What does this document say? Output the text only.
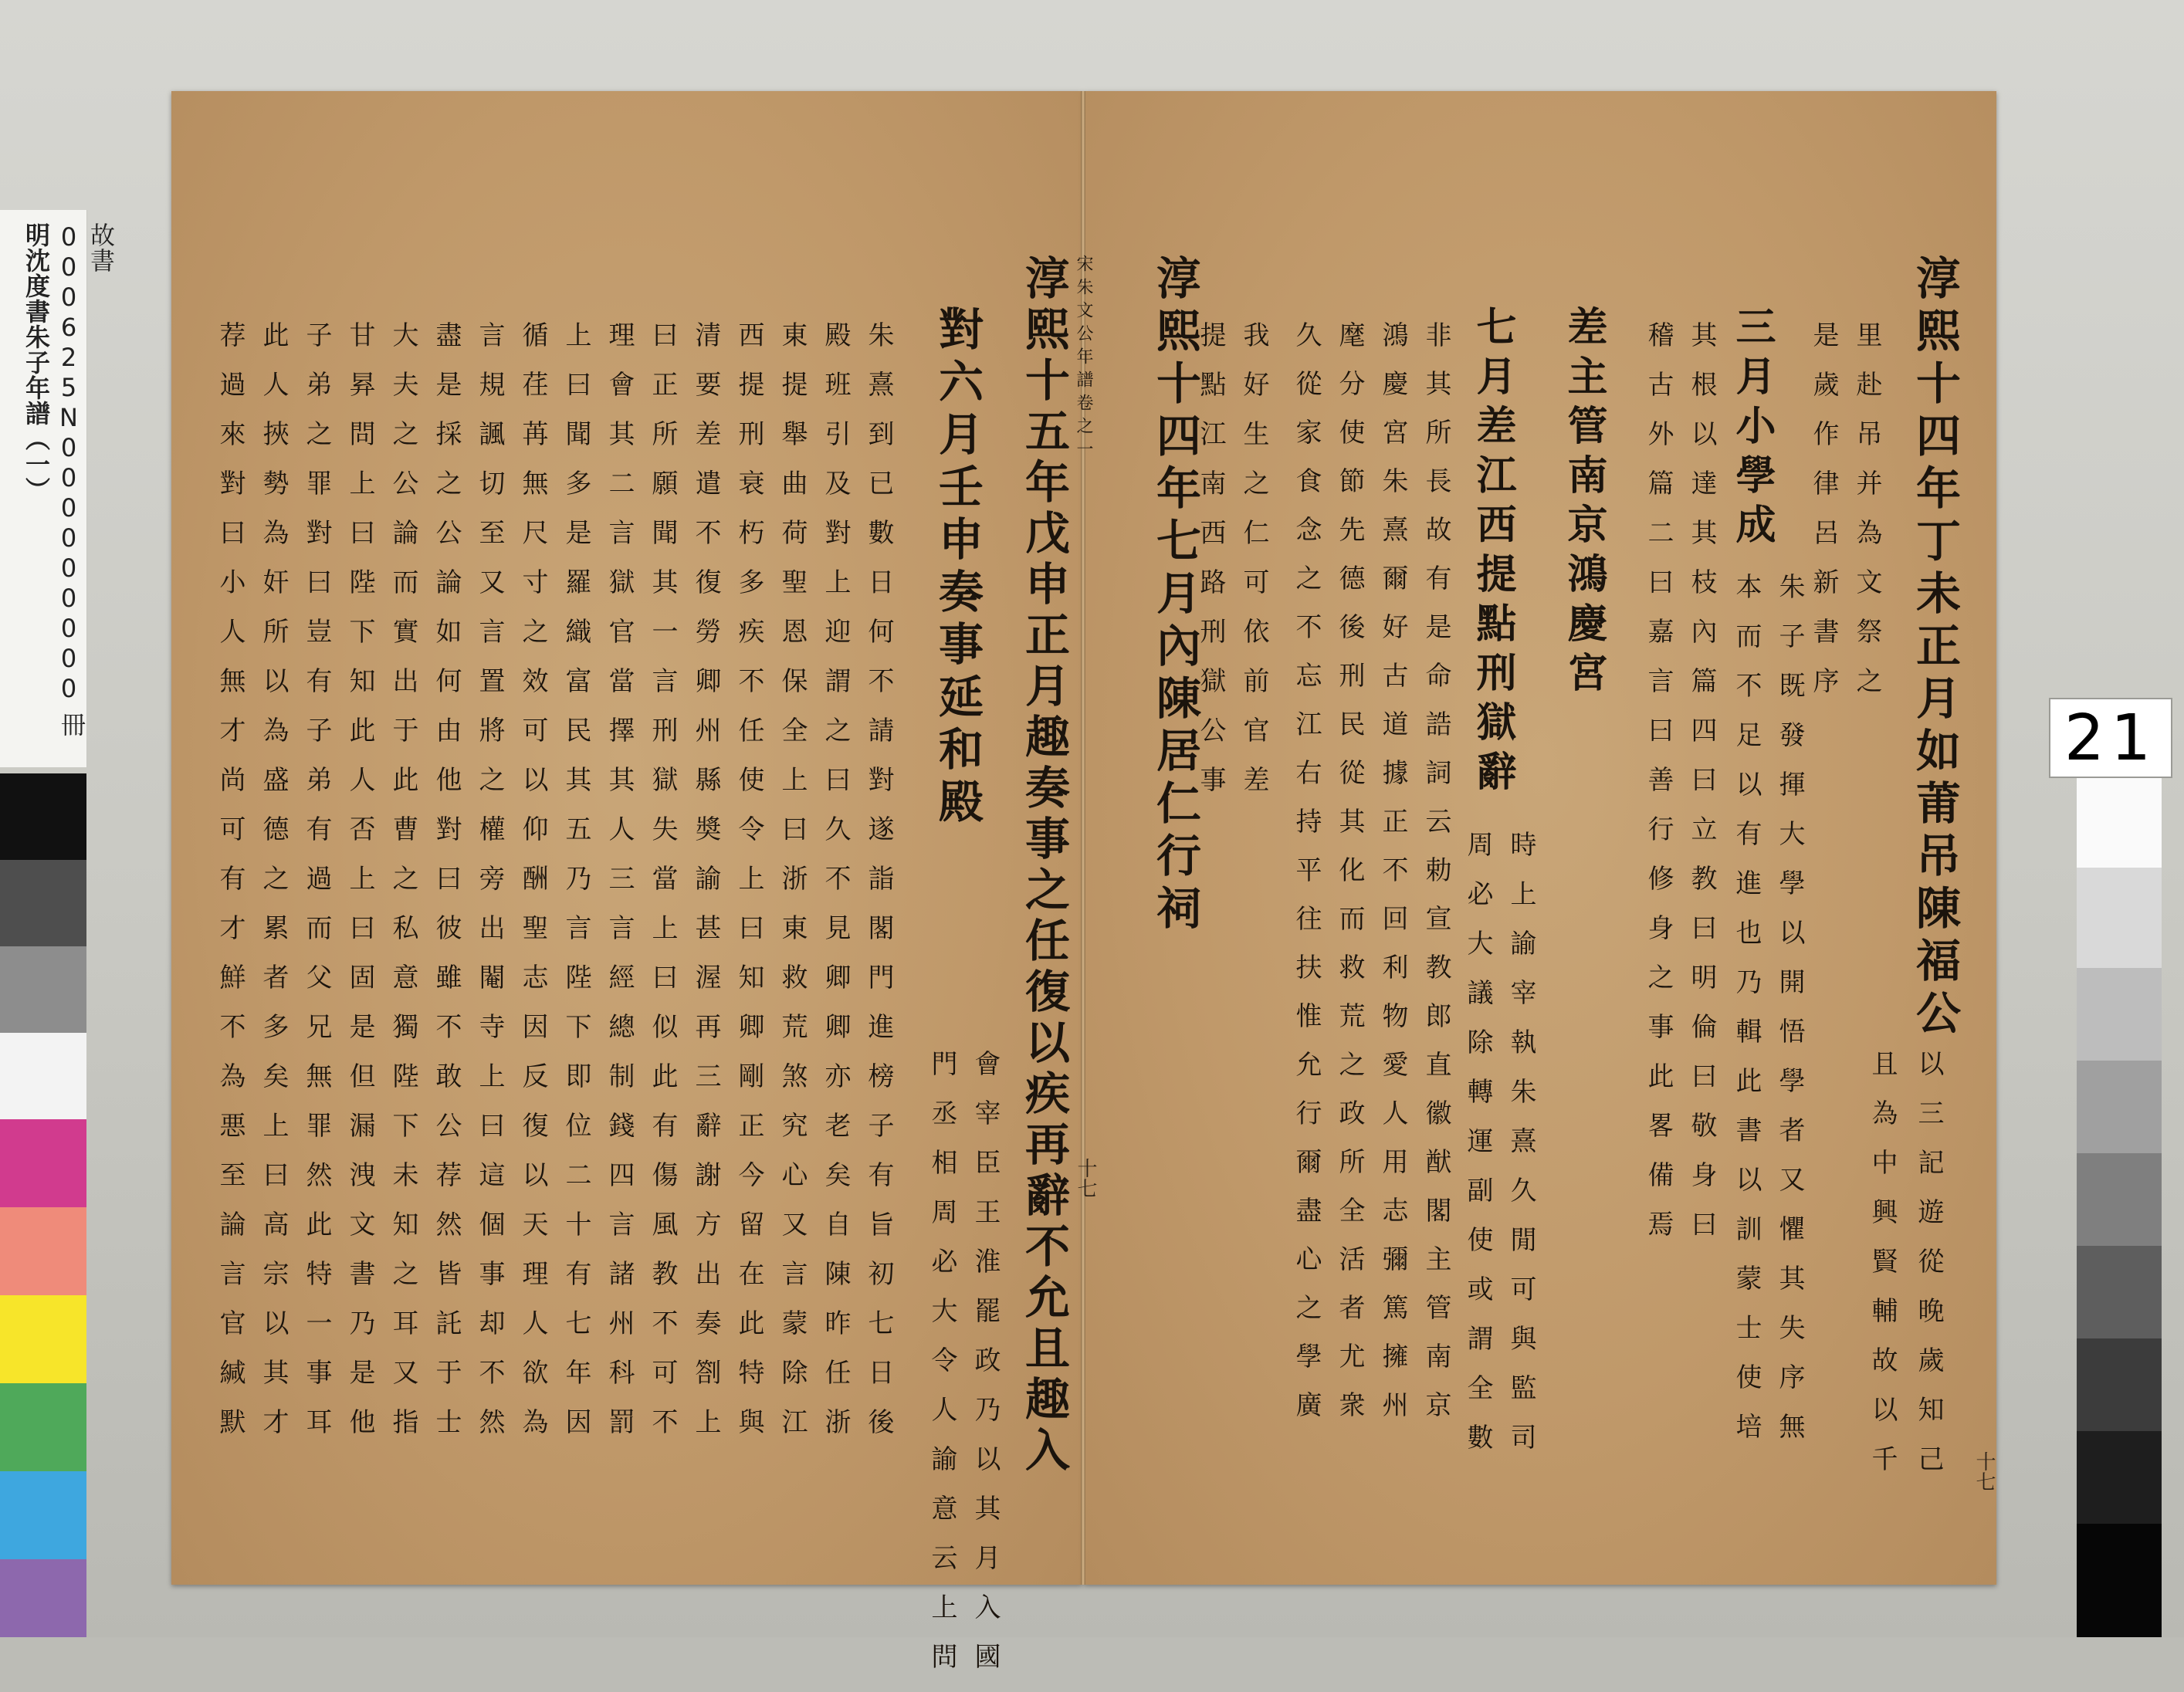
故書 000625N000000000
明沈度書朱子年譜（一）
冊	21
淳熙十四年丁未正月如莆吊陳福公
以三記遊從晚歲知己
且為中興賢輔故以千	十七
里赴吊并為文祭之
是歲作律呂新書序
三月小學成
朱子既發揮大學以開悟學者又懼其失序無
本而不足以有進也乃輯此書以訓蒙士使培
其根以達其枝內篇四曰立教曰明倫曰敬身曰
稽古外篇二曰嘉言曰善行修身之事此畧備焉
差主管南京鴻慶宮
七月差江西提點刑獄辭
時上諭宰執朱熹久閒可與監司
周必大議除轉運副使或謂全數
非其所長故有是命誥詞云勅宣教郎直徽猷閣主管南京
鴻慶宮朱熹爾好古道據正不回利物愛人用志彌篤擁州
麾分使節先德後刑民從其化而救荒之政所全活者尤衆
久從家食念之不忘江右持平往扶惟允行爾盡心之學廣
我好生之仁可依前官差
提點江南西路刑獄公事
淳熙十四年七月內陳居仁行祠
宋朱文公年譜卷之一
十七
淳熙十五年戊申正月趣奏事之任復以疾再辭不允且趣入
對六月壬申奏事延和殿
會宰臣王淮罷政乃以其月入國
門丞相周必大令人諭意云上問
朱熹到已數日何不請對遂詣閣門進榜子有旨初七日後
殿班引及對上迎謂之曰久不見卿卿亦老矣自陳昨任浙
東提舉曲荷聖恩保全上曰浙東救荒煞究心又言蒙除江
西提刑衰朽多疾不任使令上曰知卿剛正今留在此特與
清要差遣不復勞卿州縣奬諭甚渥再三辭謝方出奏劄上
曰正所願聞其一言刑獄失當上曰似此有傷風教不可不
理會其二言獄官當擇其人三言經總制錢四言諸州科罰
上曰聞多是羅織富民其五乃言陛下即位二十有七年因
循荏苒無尺寸之效可以仰酬聖志因反復以天理人欲為
言規諷切至又言置將之權旁出閹寺上曰這個事却不然
盡是採之公論如何由他對曰彼雖不敢公荐然皆託于士
大夫之公論而實出于此曹之私意獨陛下未知之耳又指
甘昪問上曰陛下知此人否上曰固是但漏洩文書乃是他
子弟之罪對曰豈有子弟有過而父兄無罪然此特一事耳
此人挾勢為奸所以為盛德之累者多矣上曰高宗以其才
荐過來對曰小人無才尚可有才鮮不為悪至論言官緘默
